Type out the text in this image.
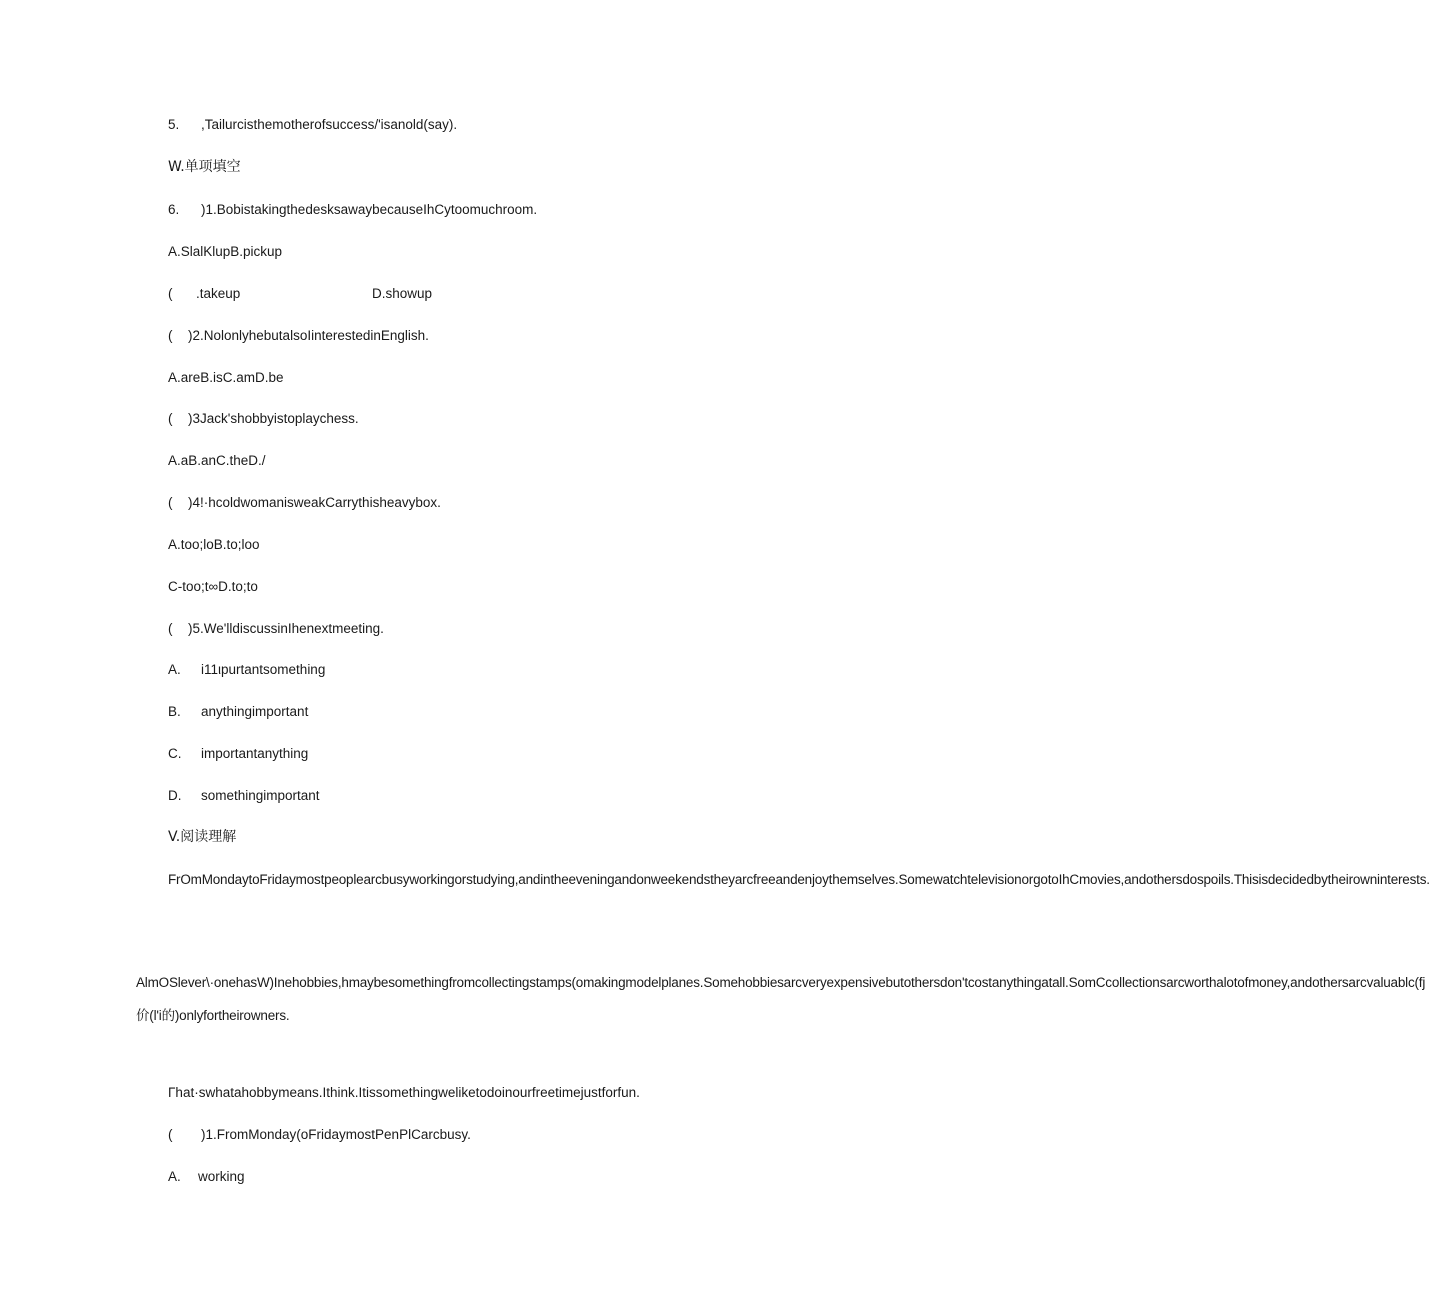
5. ,Tailurcisthemotherofsuccess/'isanold(say).
W.单项填空
6. )1.BobistakingthedesksawaybecauseIhCytoomuchroom.
A.SlalKlupB.pickup
( .takeup	D.showup
( )2.NolonlyhebutalsoIinterestedinEnglish.
A.areB.isC.amD.be
( )3Jack'shobbyistoplaychess.
A.aB.anC.theD./
( )4!·hcoldwomanisweakCarrythisheavybox.
A.too;loB.to;loo
C-too;t∞D.to;to
( )5.We'lldiscussinIhenextmeeting.
A. i11ιpurtantsomething
B. anythingimportant
C. importantanything
D. somethingimportant
V.阅读理解
FrOmMondaytoFridaymostpeoplearcbusyworkingorstudying,andintheeveningandonweekendstheyarcfreeandenjoythemselves.SomewatchtelevisionorgotoIhCmovies,andothersdospoils.Thisisdecidedbytheirowninterests.
AlmOSlever\·onehasW)Inehobbies,hmaybesomethingfromcollectingstamps(omakingmodelplanes.Somehobbiesarcveryexpensivebutothersdon'tcostanythingatall.SomCcollectionsarcworthalotofmoney,andothersarcvaluablc(fj价(l'i的)onlyfortheirowners.
Γhat·swhatahobbymeans.Ithink.Itissomethingweliketodoinourfreetimejustforfun.
( )1.FromMonday(oFridaymostPenPlCarcbusy.
A. working
